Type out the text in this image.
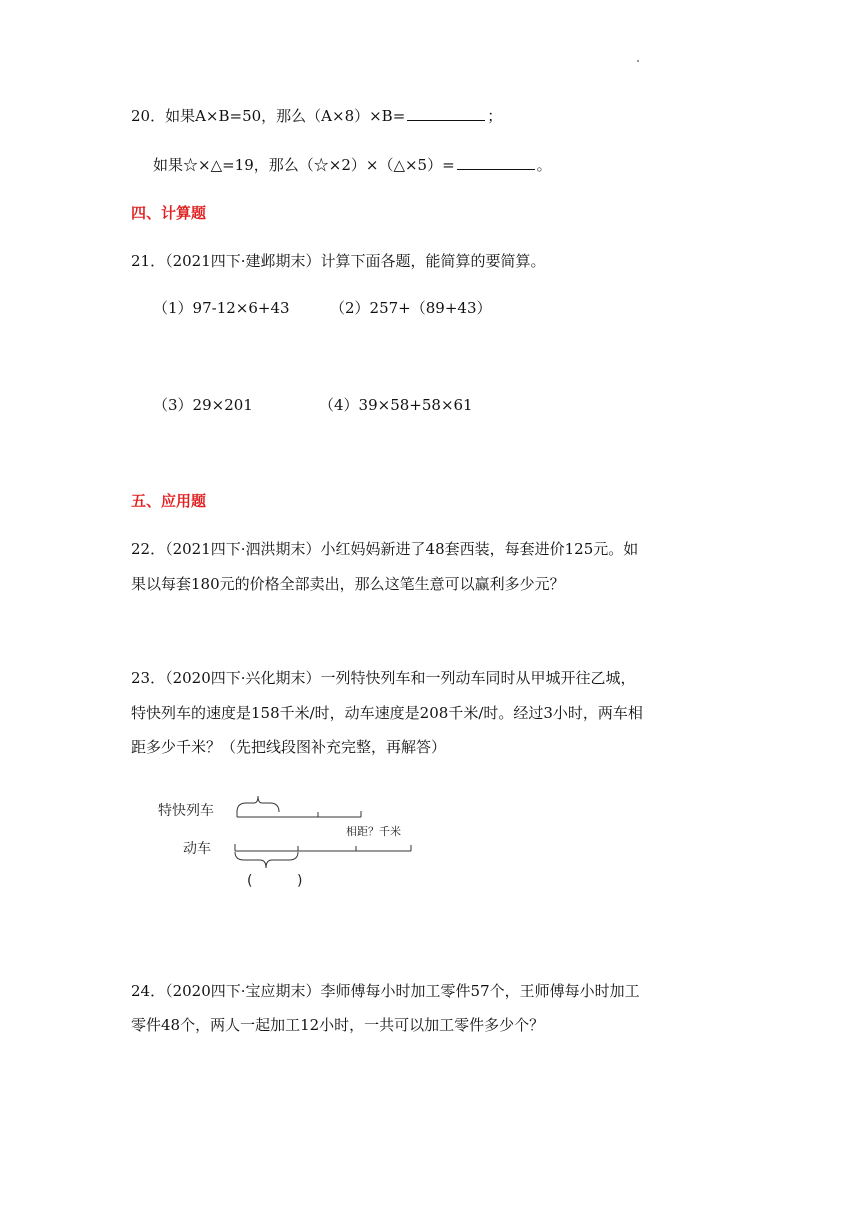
20．如果A×B=50，那么（A×8）×B=	；
如果☆×△=19，那么（☆×2）×（△×5）=	。
四、计算题
21．（2021四下·建邺期末）计算下面各题，能简算的要简算。
（1）97-12×6+43	（2）257+（89+43）
（3）29×201	（4）39×58+58×61
五、应用题
22．（2021四下·泗洪期末）小红妈妈新进了48套西装，每套进价125元。如
果以每套180元的价格全部卖出，那么这笔生意可以赢利多少元？
23．（2020四下·兴化期末）一列特快列车和一列动车同时从甲城开往乙城，
特快列车的速度是158千米/时，动车速度是208千米/时。经过3小时，两车相
距多少千米？（先把线段图补充完整，再解答）
特快列车
动车
相距？千米
(          )
24．（2020四下·宝应期末）李师傅每小时加工零件57个，王师傅每小时加工
零件48个，两人一起加工12小时，一共可以加工零件多少个？
